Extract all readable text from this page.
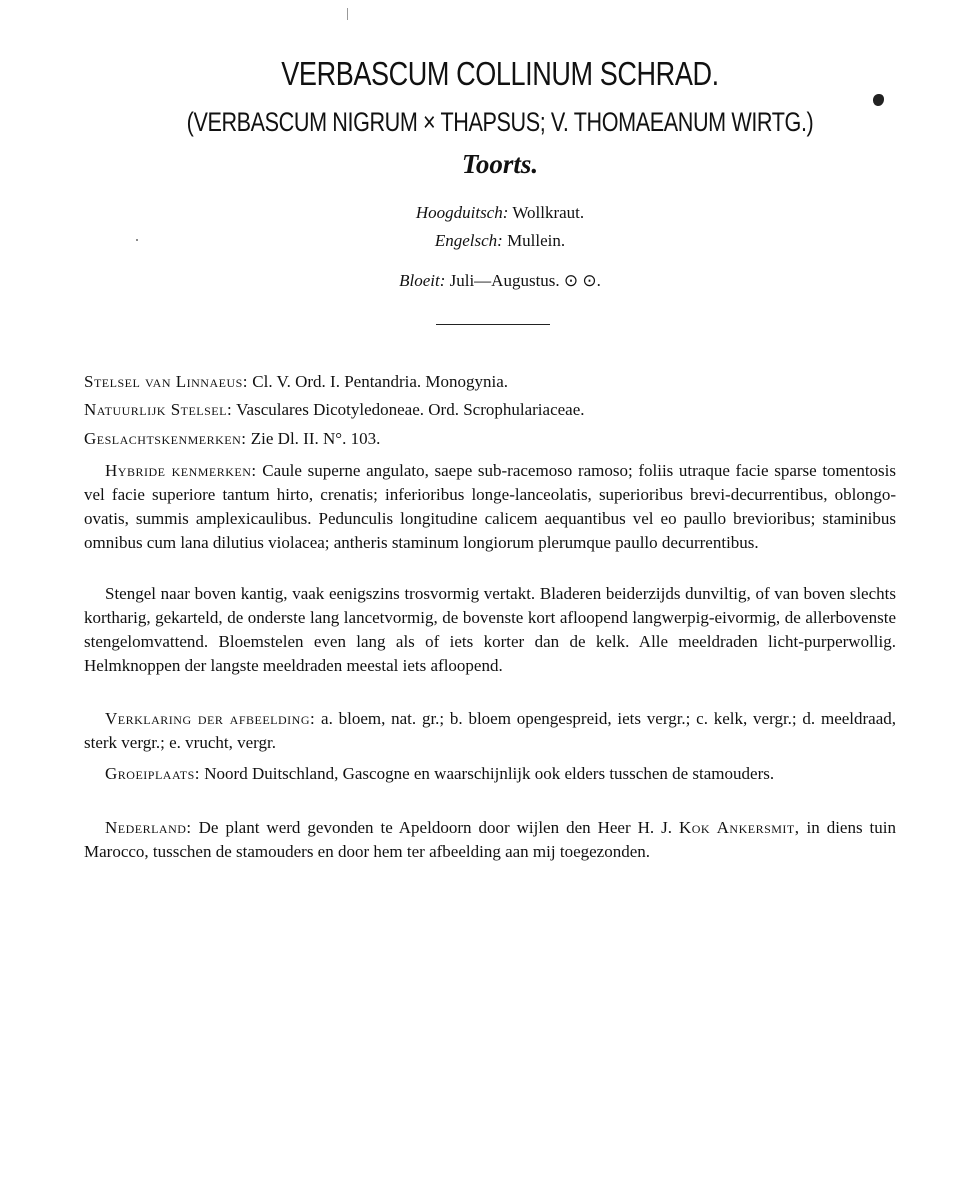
VERBASCUM COLLINUM SCHRAD.
(VERBASCUM NIGRUM × THAPSUS; V. THOMAEANUM WIRTG.)

Toorts.

Hoogduitsch: Wollkraut.

Engelsch: Mullein.

Bloeit: Juli—Augustus. ⊙ ⊙.

Stelsel van Linnaeus: Cl. V. Ord. I. Pentandria. Monogynia.

Natuurlijk Stelsel: Vasculares Dicotyledoneae. Ord. Scrophulariaceae.

Geslachtskenmerken: Zie Dl. II. N°. 103.

Hybride kenmerken: Caule superne angulato, saepe sub-racemoso ramoso; foliis utraque facie sparse tomentosis vel facie superiore tantum hirto, crenatis; inferioribus longe-lanceolatis, superioribus brevi-decurrentibus, oblongo-ovatis, summis amplexicaulibus. Pedunculis longitudine calicem aequantibus vel eo paullo brevioribus; staminibus omnibus cum lana dilutius violacea; antheris staminum longiorum plerumque paullo decurrentibus.

Stengel naar boven kantig, vaak eenigszins trosvormig vertakt. Bladeren beiderzijds dunviltig, of van boven slechts kortharig, gekarteld, de onderste lang lancetvormig, de bovenste kort afloopend langwerpig-eivormig, de allerbovenste stengelomvattend. Bloemstelen even lang als of iets korter dan de kelk. Alle meeldraden licht-purperwollig. Helmknoppen der langste meeldraden meestal iets afloopend.

Verklaring der afbeelding: a. bloem, nat. gr.; b. bloem opengespreid, iets vergr.; c. kelk, vergr.; d. meeldraad, sterk vergr.; e. vrucht, vergr.

Groeiplaats: Noord Duitschland, Gascogne en waarschijnlijk ook elders tusschen de stamouders.

Nederland: De plant werd gevonden te Apeldoorn door wijlen den Heer H. J. Kok Ankersmit, in diens tuin Marocco, tusschen de stamouders en door hem ter afbeelding aan mij toegezonden.
